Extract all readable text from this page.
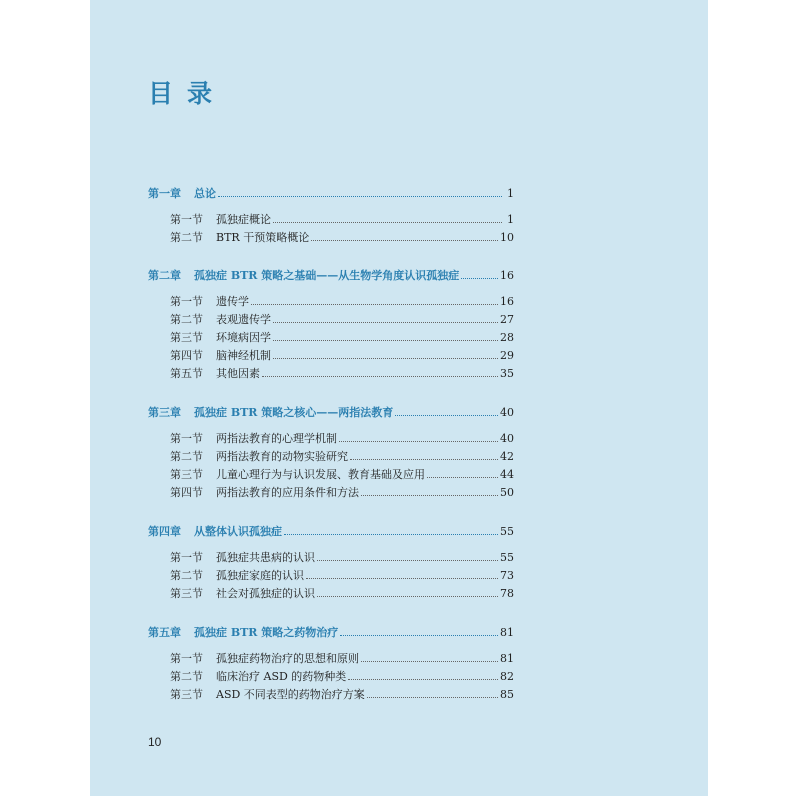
目录
第一章	总论	1
第一节	孤独症概论	1
第二节	BTR 干预策略概论	10
第二章	孤独症 BTR 策略之基础——从生物学角度认识孤独症	16
第一节	遗传学	16
第二节	表观遗传学	27
第三节	环境病因学	28
第四节	脑神经机制	29
第五节	其他因素	35
第三章	孤独症 BTR 策略之核心——两指法教育	40
第一节	两指法教育的心理学机制	40
第二节	两指法教育的动物实验研究	42
第三节	儿童心理行为与认识发展、教育基础及应用	44
第四节	两指法教育的应用条件和方法	50
第四章	从整体认识孤独症	55
第一节	孤独症共患病的认识	55
第二节	孤独症家庭的认识	73
第三节	社会对孤独症的认识	78
第五章	孤独症 BTR 策略之药物治疗	81
第一节	孤独症药物治疗的思想和原则	81
第二节	临床治疗 ASD 的药物种类	82
第三节	ASD 不同表型的药物治疗方案	85
10
